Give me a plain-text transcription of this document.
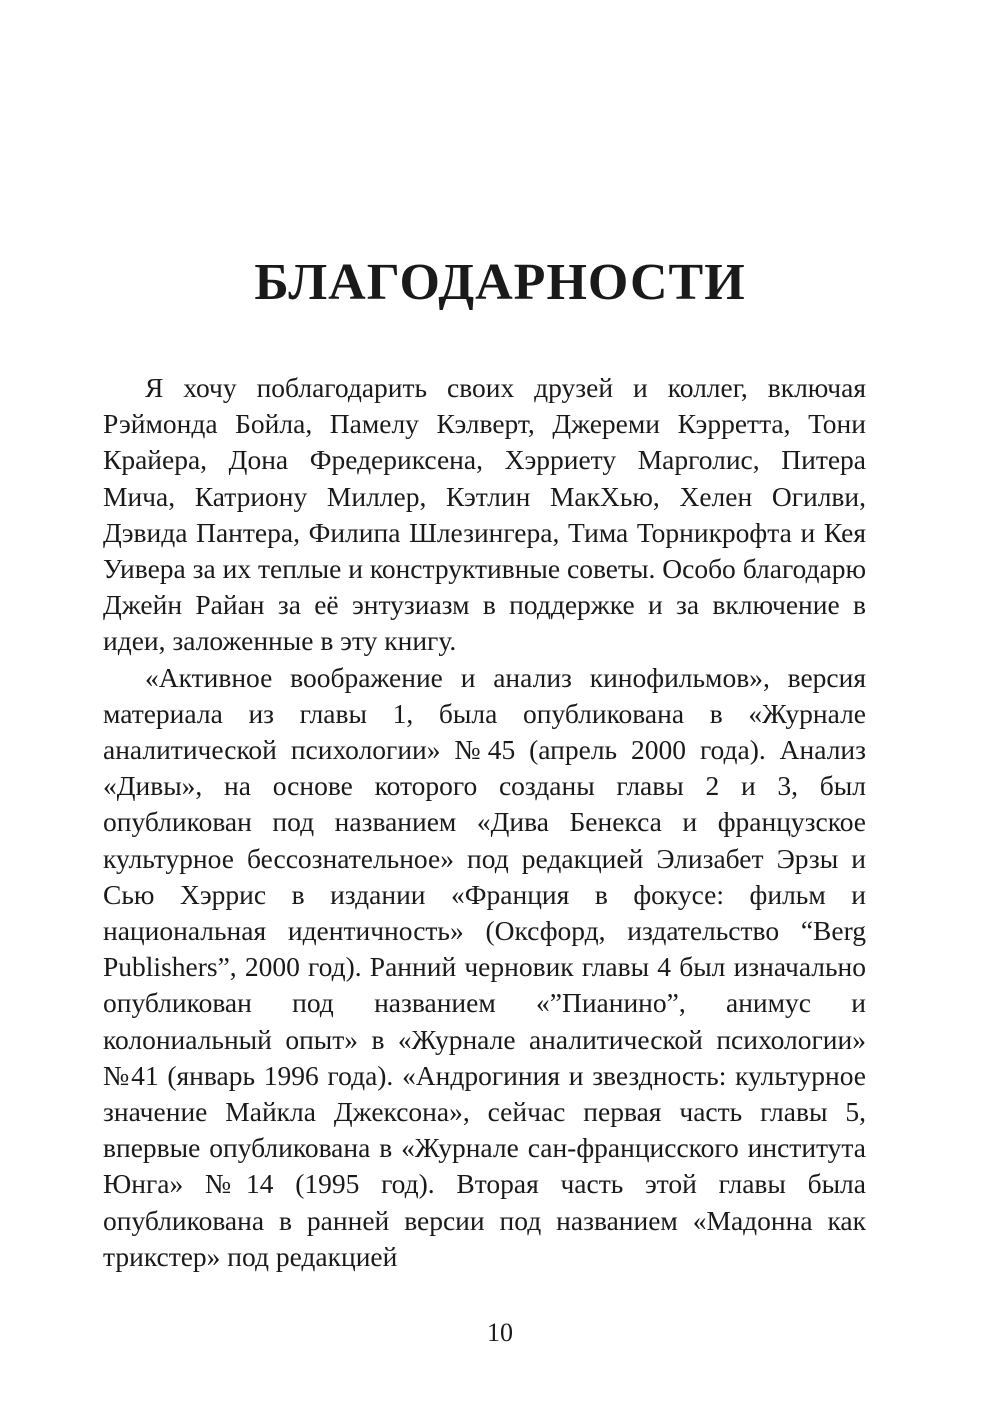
БЛАГОДАРНОСТИ

Я хочу поблагодарить своих друзей и коллег, включая Рэймонда Бойла, Памелу Кэлверт, Джереми Кэрретта, Тони Крайера, Дона Фредериксена, Хэрриету Марголис, Питера Мича, Катриону Миллер, Кэтлин МакХью, Хелен Огилви, Дэвида Пантера, Филипа Шлезингера, Тима Торникрофта и Кея Уивера за их теплые и конструктивные советы. Особо благодарю Джейн Райан за её энтузиазм в поддержке и за включение в идеи, заложенные в эту книгу.

«Активное воображение и анализ кинофильмов», версия материала из главы 1, была опубликована в «Журнале аналитической психологии» №45 (апрель 2000 года). Анализ «Дивы», на основе которого созданы главы 2 и 3, был опубликован под названием «Дива Бенекса и французское культурное бессознательное» под редакцией Элизабет Эрзы и Сью Хэррис в издании «Франция в фокусе: фильм и национальная идентичность» (Оксфорд, издательство “Berg Publishers”, 2000 год). Ранний черновик главы 4 был изначально опубликован под названием «”Пианино”, анимус и колониальный опыт» в «Журнале аналитической психологии» №41 (январь 1996 года). «Андрогиния и звездность: культурное значение Майкла Джексона», сейчас первая часть главы 5, впервые опубликована в «Журнале сан-францисского института Юнга» №14 (1995 год). Вторая часть этой главы была опубликована в ранней версии под названием «Мадонна как трикстер» под редакцией

10
